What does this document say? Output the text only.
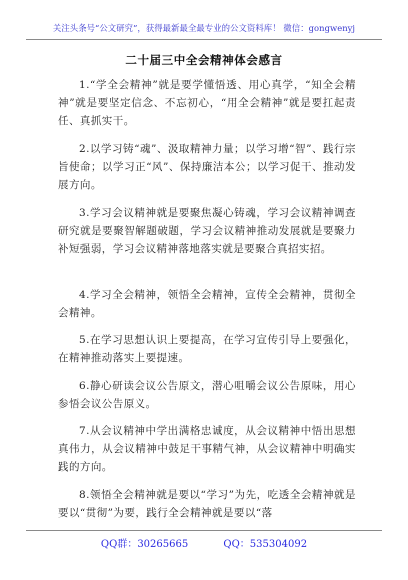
关注头条号“公文研究”，获得最新最全最专业的公文资料库！ 微信：gongwenyj
二十届三中全会精神体会感言

1.“学全会精神”就是要学懂悟透、用心真学，“知全会精神”就是要坚定信念、不忘初心，“用全会精神”就是要扛起责任、真抓实干。

2.以学习铸“魂”、汲取精神力量；以学习增“智”、践行宗旨使命；以学习正“风”、保持廉洁本公；以学习促干、推动发展方向。

3.学习会议精神就是要聚焦凝心铸魂，学习会议精神调查研究就是要聚智解题破题，学习会议精神推动发展就是要聚力补短强弱，学习会议精神落地落实就是要聚合真招实招。

4.学习全会精神，领悟全会精神，宣传全会精神，贯彻全会精神。

5.在学习思想认识上要提高，在学习宣传引导上要强化，在精神推动落实上要提速。

6.静心研读会议公告原文，潜心咀嚼会议公告原味，用心参悟会议公告原义。

7.从会议精神中学出满格忠诚度，从会议精神中悟出思想真伟力，从会议精神中鼓足干事精气神，从会议精神中明确实践的方向。

8.领悟全会精神就是要以“学习”为先，吃透全会精神就是要以“贯彻”为要，践行全会精神就是要以“落

QQ群：30265665	QQ：535304092
